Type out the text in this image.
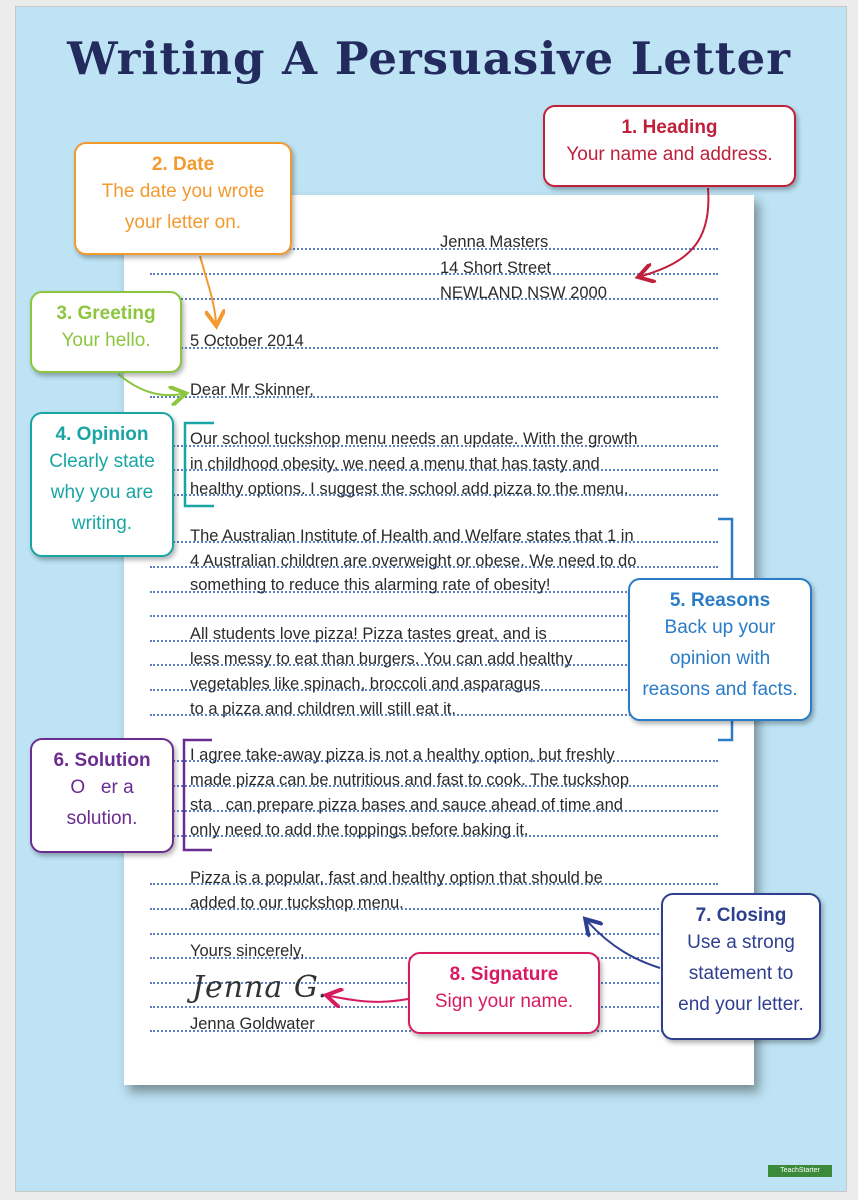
Writing A Persuasive Letter
Jenna Masters
14 Short Street
NEWLAND NSW 2000
5 October 2014
Dear Mr Skinner,
Our school tuckshop menu needs an update. With the growth
in childhood obesity, we need a menu that has tasty and
healthy options. I suggest the school add pizza to the menu.
The Australian Institute of Health and Welfare states that 1 in
4 Australian children are overweight or obese. We need to do
something to reduce this alarming rate of obesity!
All students love pizza! Pizza tastes great, and is
less messy to eat than burgers. You can add healthy
vegetables like spinach, broccoli and asparagus
to a pizza and children will still eat it.
I agree take-away pizza is not a healthy option, but freshly
made pizza can be nutritious and fast to cook. The tuckshop
sta   can prepare pizza bases and sauce ahead of time and
only need to add the toppings before baking it.
Pizza is a popular, fast and healthy option that should be
added to our tuckshop menu.
Yours sincerely,
Jenna G.
Jenna Goldwater
1. Heading
Your name and address.
2. Date
The date you wrote
your letter on.
3. Greeting
Your hello.
4. Opinion
Clearly state
why you are
writing.
5. Reasons
Back up your
opinion with
reasons and facts.
6. Solution
O   er a
solution.
7. Closing
Use a strong
statement to
end your letter.
8. Signature
Sign your name.
TeachStarter
